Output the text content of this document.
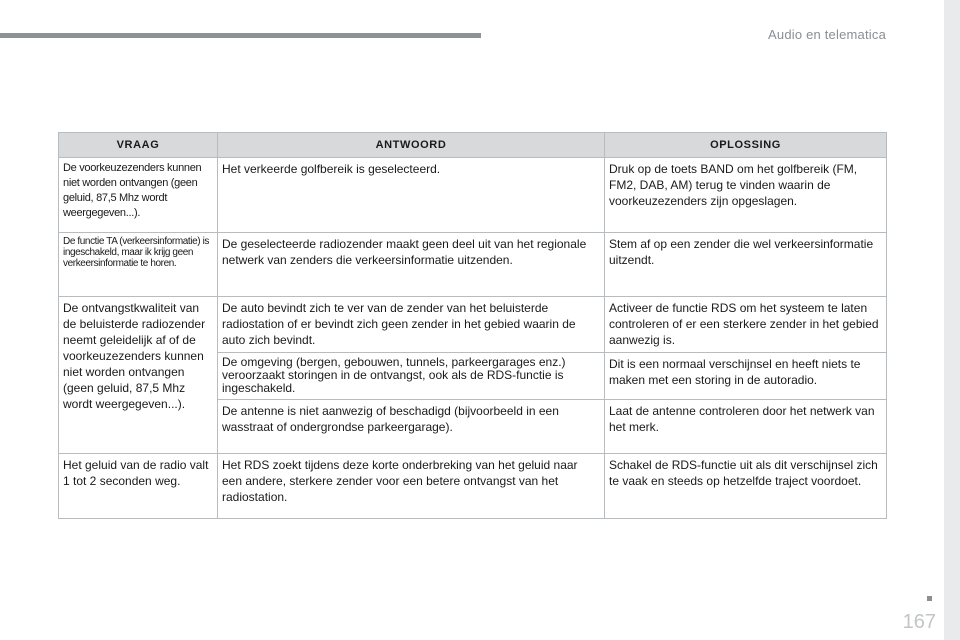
Audio en telematica
167
VRAAG	ANTWOORD	OPLOSSING
De voorkeuzezenders kunnen niet worden ontvangen (geen geluid, 87,5 Mhz wordt weergegeven...).	Het verkeerde golfbereik is geselecteerd.	Druk op de toets BAND om het golfbereik (FM, FM2, DAB, AM) terug te vinden waarin de voorkeuzezenders zijn opgeslagen.
De functie TA (verkeersinformatie) is ingeschakeld, maar ik krijg geen verkeersinformatie te horen.	De geselecteerde radiozender maakt geen deel uit van het regionale netwerk van zenders die verkeersinformatie uitzenden.	Stem af op een zender die wel verkeersinformatie uitzendt.
De ontvangstkwaliteit van de beluisterde radiozender neemt geleidelijk af of de voorkeuzezenders kunnen niet worden ontvangen (geen geluid, 87,5 Mhz wordt weergegeven...).	De auto bevindt zich te ver van de zender van het beluisterde radiostation of er bevindt zich geen zender in het gebied waarin de auto zich bevindt.	Activeer de functie RDS om het systeem te laten controleren of er een sterkere zender in het gebied aanwezig is.
	De omgeving (bergen, gebouwen, tunnels, parkeergarages enz.) veroorzaakt storingen in de ontvangst, ook als de RDS-functie is ingeschakeld.	Dit is een normaal verschijnsel en heeft niets te maken met een storing in de autoradio.
	De antenne is niet aanwezig of beschadigd (bijvoorbeeld in een wasstraat of ondergrondse parkeergarage).	Laat de antenne controleren door het netwerk van het merk.
Het geluid van de radio valt 1 tot 2 seconden weg.	Het RDS zoekt tijdens deze korte onderbreking van het geluid naar een andere, sterkere zender voor een betere ontvangst van het radiostation.	Schakel de RDS-functie uit als dit verschijnsel zich te vaak en steeds op hetzelfde traject voordoet.
